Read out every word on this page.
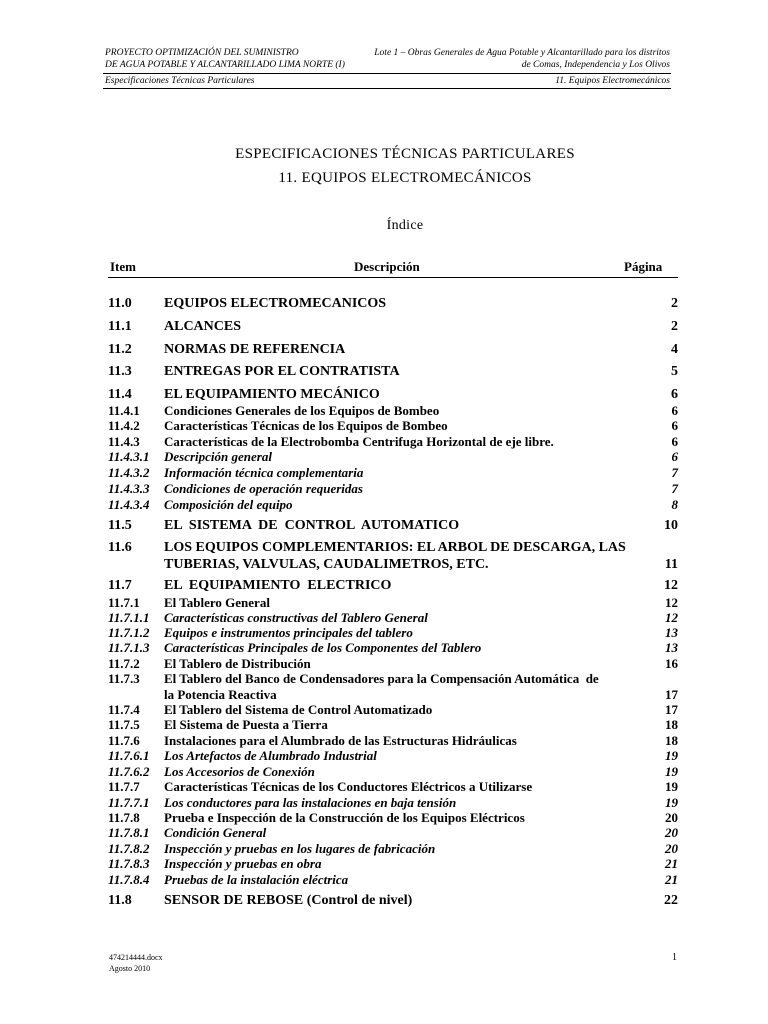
PROYECTO OPTIMIZACIÓN DEL SUMINISTRO
DE AGUA POTABLE Y ALCANTARILLADO LIMA NORTE (I)
Lote 1 – Obras Generales de Agua Potable y Alcantarillado para los distritos
de Comas, Independencia y Los Olivos
Especificaciones Técnicas Particulares	11. Equipos Electromecánicos
ESPECIFICACIONES TÉCNICAS PARTICULARES
11. EQUIPOS ELECTROMECÁNICOS
Índice
Item	Descripción	Página
11.0 EQUIPOS ELECTROMECANICOS	2
11.1 ALCANCES	2
11.2 NORMAS DE REFERENCIA	4
11.3 ENTREGAS POR EL CONTRATISTA	5
11.4 EL EQUIPAMIENTO MECÁNICO	6
11.4.1 Condiciones Generales de los Equipos de Bombeo	6
11.4.2 Características Técnicas de los Equipos de Bombeo	6
11.4.3 Características de la Electrobomba Centrifuga Horizontal de eje libre.	6
11.4.3.1 Descripción general	6
11.4.3.2 Información técnica complementaria	7
11.4.3.3 Condiciones de operación requeridas	7
11.4.3.4 Composición del equipo	8
11.5 EL  SISTEMA  DE  CONTROL  AUTOMATICO	10
11.6 LOS EQUIPOS COMPLEMENTARIOS: EL ARBOL DE DESCARGA, LAS
TUBERIAS, VALVULAS, CAUDALIMETROS, ETC.	11
11.7 EL  EQUIPAMIENTO  ELECTRICO	12
11.7.1 El Tablero General	12
11.7.1.1 Características constructivas del Tablero General	12
11.7.1.2 Equipos e instrumentos principales del tablero	13
11.7.1.3 Características Principales de los Componentes del Tablero	13
11.7.2 El Tablero de Distribución	16
11.7.3 El Tablero del Banco de Condensadores para la Compensación Automática  de
la Potencia Reactiva	17
11.7.4 El Tablero del Sistema de Control Automatizado	17
11.7.5 El Sistema de Puesta a Tierra	18
11.7.6 Instalaciones para el Alumbrado de las Estructuras Hidráulicas	18
11.7.6.1 Los Artefactos de Alumbrado Industrial	19
11.7.6.2 Los Accesorios de Conexión	19
11.7.7 Características Técnicas de los Conductores Eléctricos a Utilizarse	19
11.7.7.1 Los conductores para las instalaciones en baja tensión	19
11.7.8 Prueba e Inspección de la Construcción de los Equipos Eléctricos	20
11.7.8.1 Condición General	20
11.7.8.2 Inspección y pruebas en los lugares de fabricación	20
11.7.8.3 Inspección y pruebas en obra	21
11.7.8.4 Pruebas de la instalación eléctrica	21
11.8 SENSOR DE REBOSE (Control de nivel)	22
474214444.docx
Agosto 2010
1
